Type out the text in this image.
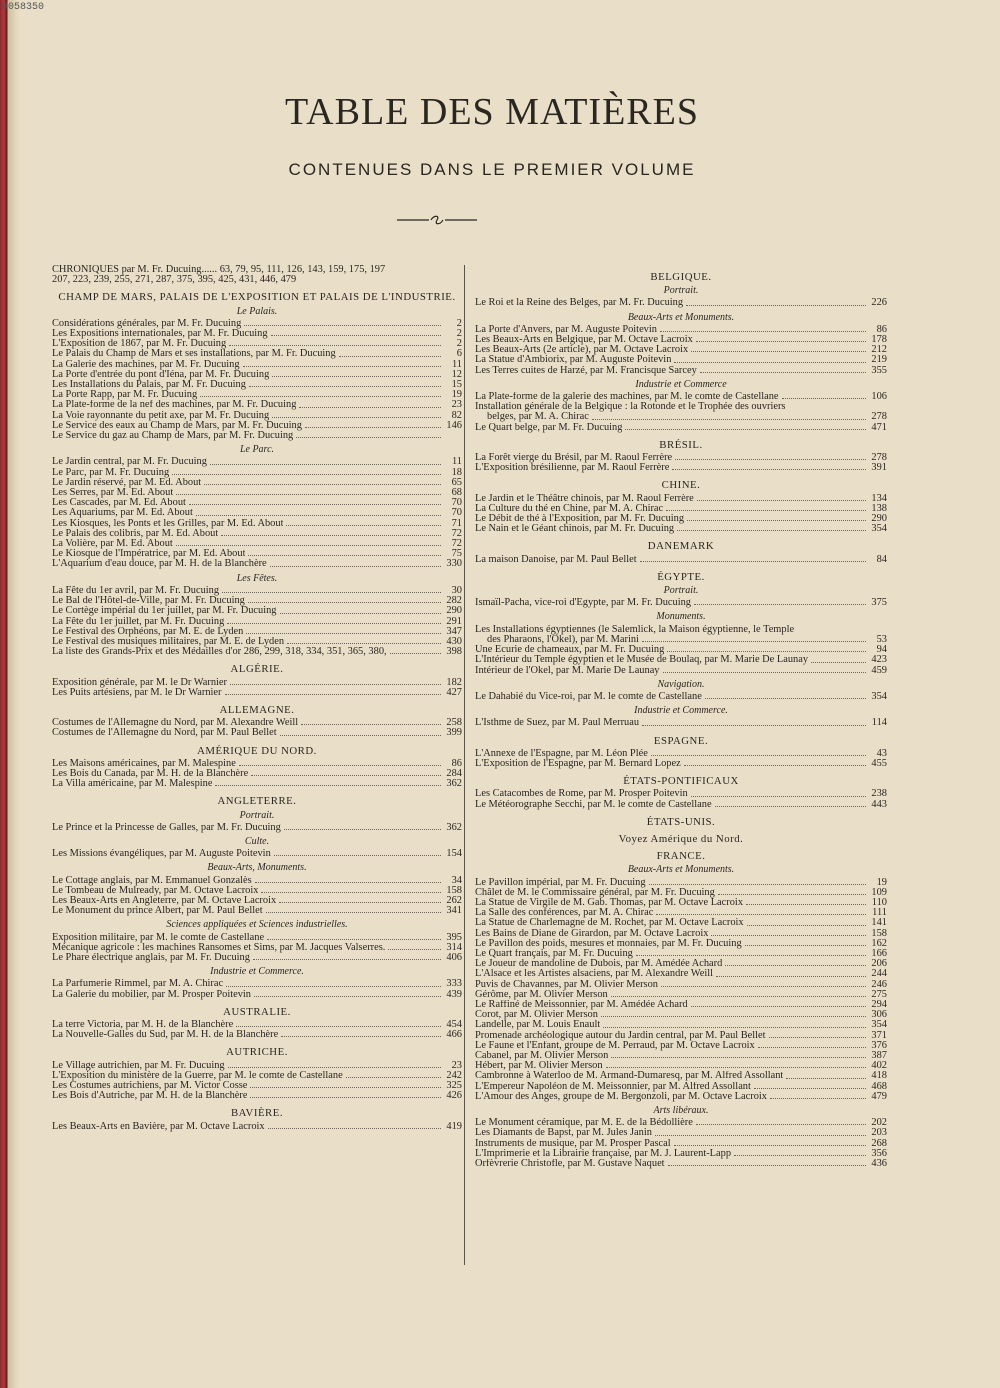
0058350
TABLE DES MATIÈRES
CONTENUES DANS LE PREMIER VOLUME
CHRONIQUES par M. Fr. Ducuing...... 63, 79, 95, 111, 126, 143, 159, 175, 197
207, 223, 239, 255, 271, 287, 375, 395, 425, 431, 446, 479
CHAMP DE MARS, PALAIS DE L'EXPOSITION ET PALAIS DE L'INDUSTRIE.
Le Palais.
Considérations générales, par M. Fr. Ducuing	2
Les Expositions internationales, par M. Fr. Ducuing	2
L'Exposition de 1867, par M. Fr. Ducuing	2
Le Palais du Champ de Mars et ses installations, par M. Fr. Ducuing	6
La Galerie des machines, par M. Fr. Ducuing	11
La Porte d'entrée du pont d'Iéna, par M. Fr. Ducuing	12
Les Installations du Palais, par M. Fr. Ducuing	15
La Porte Rapp, par M. Fr. Ducuing	19
La Plate-forme de la nef des machines, par M. Fr. Ducuing	23
La Voie rayonnante du petit axe, par M. Fr. Ducuing	82
Le Service des eaux au Champ de Mars, par M. Fr. Ducuing	146
Le Service du gaz au Champ de Mars, par M. Fr. Ducuing
Le Parc.
Le Jardin central, par M. Fr. Ducuing	11
Le Parc, par M. Fr. Ducuing	18
Le Jardin réservé, par M. Ed. About	65
Les Serres, par M. Ed. About	68
Les Cascades, par M. Ed. About	70
Les Aquariums, par M. Ed. About	70
Les Kiosques, les Ponts et les Grilles, par M. Ed. About	71
Le Palais des colibris, par M. Ed. About	72
La Volière, par M. Ed. About	72
Le Kiosque de l'Impératrice, par M. Ed. About	75
L'Aquarium d'eau douce, par M. H. de la Blanchère	330
Les Fêtes.
La Fête du 1er avril, par M. Fr. Ducuing	30
Le Bal de l'Hôtel-de-Ville, par M. Fr. Ducuing	282
Le Cortège impérial du 1er juillet, par M. Fr. Ducuing	290
La Fête du 1er juillet, par M. Fr. Ducuing	291
Le Festival des Orphéons, par M. E. de Lyden	347
Le Festival des musiques militaires, par M. E. de Lyden	430
La liste des Grands-Prix et des Médailles d'or 286, 299, 318, 334, 351, 365, 380,	398
ALGÉRIE.
Exposition générale, par M. le Dr Warnier	182
Les Puits artésiens, par M. le Dr Warnier	427
ALLEMAGNE.
Costumes de l'Allemagne du Nord, par M. Alexandre Weill	258
Costumes de l'Allemagne du Nord, par M. Paul Bellet	399
AMÉRIQUE DU NORD.
Les Maisons américaines, par M. Malespine	86
Les Bois du Canada, par M. H. de la Blanchère	284
La Villa américaine, par M. Malespine	362
ANGLETERRE.
Portrait.
Le Prince et la Princesse de Galles, par M. Fr. Ducuing	362
Culte.
Les Missions évangéliques, par M. Auguste Poitevin	154
Beaux-Arts, Monuments.
Le Cottage anglais, par M. Emmanuel Gonzalès	34
Le Tombeau de Mulready, par M. Octave Lacroix	158
Les Beaux-Arts en Angleterre, par M. Octave Lacroix	262
Le Monument du prince Albert, par M. Paul Bellet	341
Sciences appliquées et Sciences industrielles.
Exposition militaire, par M. le comte de Castellane	395
Mécanique agricole : les machines Ransomes et Sims, par M. Jacques Valserres.	314
Le Phare électrique anglais, par M. Fr. Ducuing	406
Industrie et Commerce.
La Parfumerie Rimmel, par M. A. Chirac	333
La Galerie du mobilier, par M. Prosper Poitevin	439
AUSTRALIE.
La terre Victoria, par M. H. de la Blanchère	454
La Nouvelle-Galles du Sud, par M. H. de la Blanchère	466
AUTRICHE.
Le Village autrichien, par M. Fr. Ducuing	23
L'Exposition du ministère de la Guerre, par M. le comte de Castellane	242
Les Costumes autrichiens, par M. Victor Cosse	325
Les Bois d'Autriche, par M. H. de la Blanchère	426
BAVIÈRE.
Les Beaux-Arts en Bavière, par M. Octave Lacroix	419
BELGIQUE.
Portrait.
Le Roi et la Reine des Belges, par M. Fr. Ducuing	226
Beaux-Arts et Monuments.
La Porte d'Anvers, par M. Auguste Poitevin	86
Les Beaux-Arts en Belgique, par M. Octave Lacroix	178
Les Beaux-Arts (2e article), par M. Octave Lacroix	212
La Statue d'Ambiorix, par M. Auguste Poitevin	219
Les Terres cuites de Harzé, par M. Francisque Sarcey	355
Industrie et Commerce
La Plate-forme de la galerie des machines, par M. le comte de Castellane	106
Installation générale de la Belgique : la Rotonde et le Trophée des ouvriers
belges, par M. A. Chirac	278
Le Quart belge, par M. Fr. Ducuing	471
BRÉSIL.
La Forêt vierge du Brésil, par M. Raoul Ferrère	278
L'Exposition brésilienne, par M. Raoul Ferrère	391
CHINE.
Le Jardin et le Théâtre chinois, par M. Raoul Ferrère	134
La Culture du thé en Chine, par M. A. Chirac	138
Le Débit de thé à l'Exposition, par M. Fr. Ducuing	290
Le Nain et le Géant chinois, par M. Fr. Ducuing	354
DANEMARK
La maison Danoise, par M. Paul Bellet	84
ÉGYPTE.
Portrait.
Ismaïl-Pacha, vice-roi d'Égypte, par M. Fr. Ducuing	375
Monuments.
Les Installations égyptiennes (le Salemlick, la Maison égyptienne, le Temple
des Pharaons, l'Okel), par M. Marini	53
Une Écurie de chameaux, par M. Fr. Ducuing	94
L'Intérieur du Temple égyptien et le Musée de Boulaq, par M. Marie De Launay	423
Intérieur de l'Okel, par M. Marie De Launay	459
Navigation.
Le Dahabié du Vice-roi, par M. le comte de Castellane	354
Industrie et Commerce.
L'Isthme de Suez, par M. Paul Merruau	114
ESPAGNE.
L'Annexe de l'Espagne, par M. Léon Plée	43
L'Exposition de l'Espagne, par M. Bernard Lopez	455
ÉTATS-PONTIFICAUX
Les Catacombes de Rome, par M. Prosper Poitevin	238
Le Météorographe Secchi, par M. le comte de Castellane	443
ÉTATS-UNIS.
Voyez Amérique du Nord.
FRANCE.
Beaux-Arts et Monuments.
Le Pavillon impérial, par M. Fr. Ducuing	19
Châlet de M. le Commissaire général, par M. Fr. Ducuing	109
La Statue de Virgile de M. Gab. Thomas, par M. Octave Lacroix	110
La Salle des conférences, par M. A. Chirac	111
La Statue de Charlemagne de M. Rochet, par M. Octave Lacroix	141
Les Bains de Diane de Girardon, par M. Octave Lacroix	158
Le Pavillon des poids, mesures et monnaies, par M. Fr. Ducuing	162
Le Quart français, par M. Fr. Ducuing	166
Le Joueur de mandoline de Dubois, par M. Amédée Achard	206
L'Alsace et les Artistes alsaciens, par M. Alexandre Weill	244
Puvis de Chavannes, par M. Olivier Merson	246
Gérôme, par M. Olivier Merson	275
Le Raffiné de Meissonnier, par M. Amédée Achard	294
Corot, par M. Olivier Merson	306
Landelle, par M. Louis Enault	354
Promenade archéologique autour du Jardin central, par M. Paul Bellet	371
Le Faune et l'Enfant, groupe de M. Perraud, par M. Octave Lacroix	376
Cabanel, par M. Olivier Merson	387
Hébert, par M. Olivier Merson	402
Cambronne à Waterloo de M. Armand-Dumaresq, par M. Alfred Assollant	418
L'Empereur Napoléon de M. Meissonnier, par M. Alfred Assollant	468
L'Amour des Anges, groupe de M. Bergonzoli, par M. Octave Lacroix	479
Arts libéraux.
Le Monument céramique, par M. E. de la Bédollière	202
Les Diamants de Bapst, par M. Jules Janin	203
Instruments de musique, par M. Prosper Pascal	268
L'Imprimerie et la Librairie française, par M. J. Laurent-Lapp	356
Orfèvrerie Christofle, par M. Gustave Naquet	436
